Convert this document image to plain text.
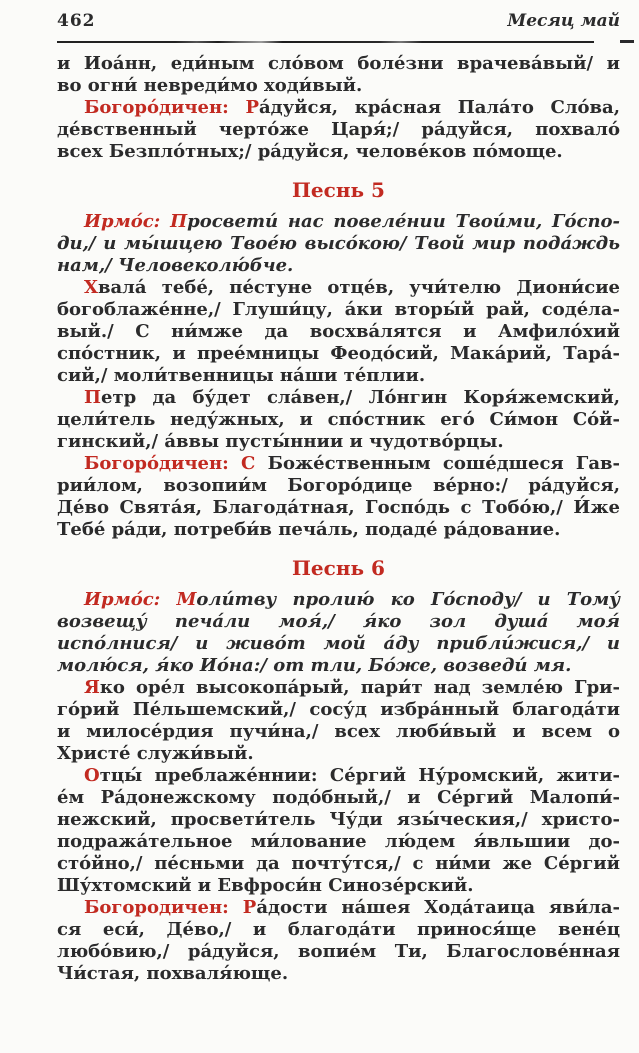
462	Месяц май
и Иоа́нн, еди́ным сло́вом боле́зни врачева́вый/ и
во огни́ невреди́мо ходи́вый.
Богоро́дичен: Ра́дуйся, кра́сная Пала́то Сло́ва,
де́вственный черто́же Царя́;/ ра́дуйся, похвало́
всех Безпло́тных;/ ра́дуйся, челове́ков по́моще.
Песнь 5
Ирмо́с: Просвети́ нас повеле́нии Твои́ми, Го́спо-
ди,/ и мы́шцею Твое́ю высо́кою/ Твой мир пода́ждь
нам,/ Человеколю́бче.
Хвала́ тебе́, пе́стуне отце́в, учи́телю Диони́сие
богоблаже́нне,/ Глуши́цу, а́ки вторы́й рай, соде́ла-
вый./ С ни́мже да восхва́лятся и Амфило́хий
спо́стник, и прее́мницы Феодо́сий, Мака́рий, Тара́-
сий,/ моли́твенницы на́ши те́плии.
Петр да бу́дет сла́вен,/ Ло́нгин Коря́жемский,
цели́тель неду́жных, и спо́стник его́ Си́мон Со́й-
гинский,/ а́ввы пусты́ннии и чудотво́рцы.
Богоро́дичен: С Боже́ственным соше́дшеся Гав-
рии́лом, возопии́м Богоро́дице ве́рно:/ ра́дуйся,
Де́во Свята́я, Благода́тная, Госпо́дь с Тобо́ю,/ И́же
Тебе́ ра́ди, потреби́в печа́ль, подаде́ ра́дование.
Песнь 6
Ирмо́с: Моли́тву пролию́ ко Го́споду/ и Тому́
возвещу́ печа́ли моя́,/ я́ко зол душа́ моя́
испо́лнися/ и живо́т мой а́ду прибли́жися,/ и
молю́ся, я́ко Ио́на:/ от тли, Бо́же, возведи́ мя.
Яко оре́л высокопа́рый, пари́т над земле́ю Гри-
го́рий Пе́льшемский,/ сосу́д избра́нный благода́ти
и милосе́рдия пучи́на,/ всех люби́вый и всем о
Христе́ служи́вый.
Отцы́ преблаже́ннии: Се́ргий Ну́ромский, жити-
е́м Ра́донежскому подо́бный,/ и Се́ргий Малопи́-
нежский, просвети́тель Чу́ди язы́ческия,/ христо-
подража́тельное ми́лование лю́дем я́вльшии до-
сто́йно,/ пе́сньми да почту́тся,/ с ни́ми же Се́ргий
Шу́хтомский и Евфроси́н Синозе́рский.
Богородичен: Ра́дости на́шея Хода́таица яви́ла-
ся еси́, Де́во,/ и благода́ти принося́ще вене́ц
любо́вию,/ ра́дуйся, вопие́м Ти, Благослове́нная
Чи́стая, похваля́юще.
